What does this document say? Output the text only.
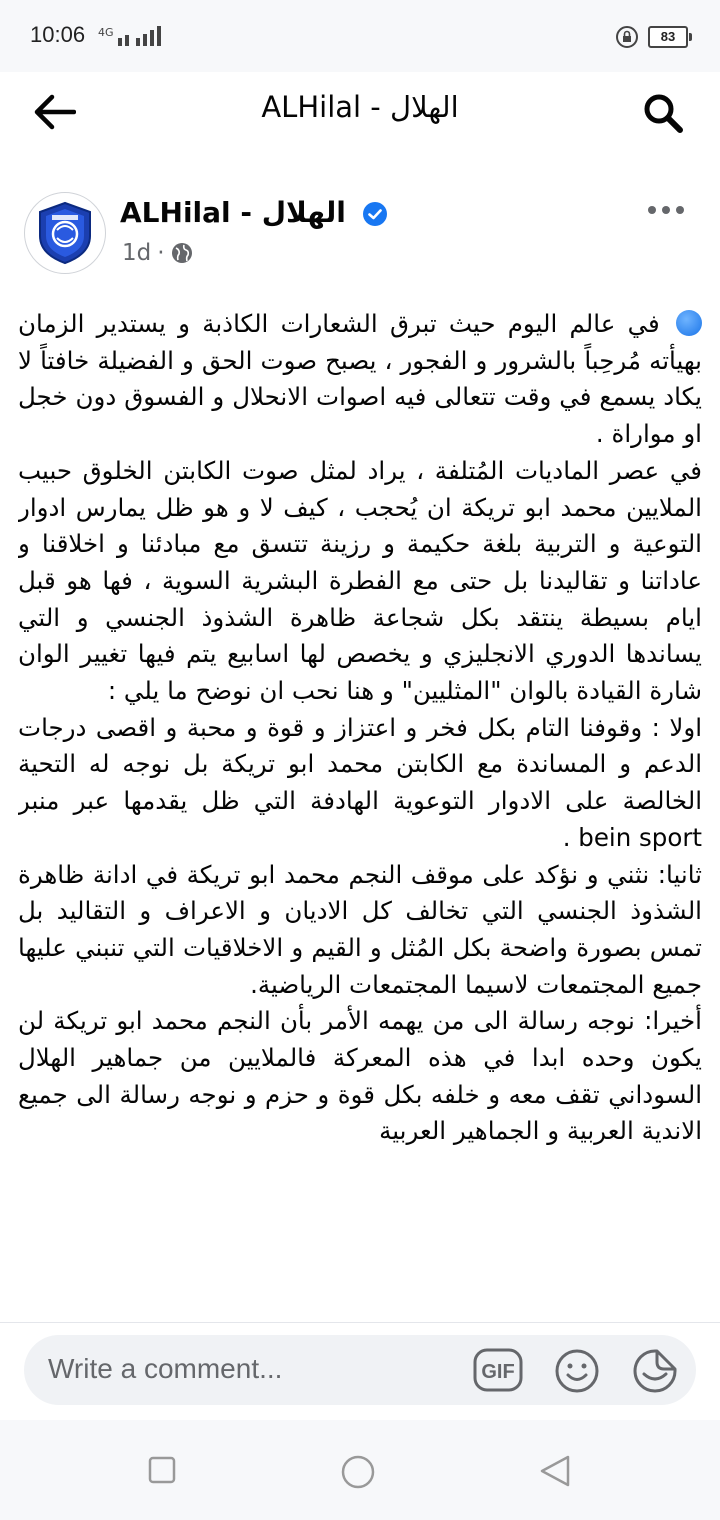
10:06 4G	83
ALHilal - الهلال
ALHilal - الهلال
1d ·

في عالم اليوم حيث تبرق الشعارات الكاذبة و يستدير الزمان بهيأته مُرحِباً بالشرور و الفجور ، يصبح صوت الحق و الفضيلة خافتاً لا يكاد يسمع في وقت تتعالى فيه اصوات الانحلال و الفسوق دون خجل او مواراة .

في عصر الماديات المُتلفة ، يراد لمثل صوت الكابتن الخلوق حبيب الملايين محمد ابو تريكة ان يُحجب ، كيف لا و هو ظل يمارس ادوار التوعية و التربية بلغة حكيمة و رزينة تتسق مع مبادئنا و اخلاقنا و عاداتنا و تقاليدنا بل حتى مع الفطرة البشرية السوية ، فها هو قبل ايام بسيطة ينتقد بكل شجاعة ظاهرة الشذوذ الجنسي و التي يساندها الدوري الانجليزي و يخصص لها اسابيع يتم فيها تغيير الوان شارة القيادة بالوان "المثليين" و هنا نحب ان نوضح ما يلي :

اولا : وقوفنا التام بكل فخر و اعتزاز و قوة و محبة و اقصى درجات الدعم و المساندة مع الكابتن محمد ابو تريكة بل نوجه له التحية الخالصة على الادوار التوعوية الهادفة التي ظل يقدمها عبر منبر bein sport .

ثانيا: نثني و نؤكد على موقف النجم محمد ابو تريكة في ادانة ظاهرة الشذوذ الجنسي التي تخالف كل الاديان و الاعراف و التقاليد بل تمس بصورة واضحة بكل المُثل و القيم و الاخلاقيات التي تنبني عليها جميع المجتمعات لاسيما المجتمعات الرياضية.

أخيرا: نوجه رسالة الى من يهمه الأمر بأن النجم محمد ابو تريكة لن يكون وحده ابدا في هذه المعركة فالملايين من جماهير الهلال السوداني تقف معه و خلفه بكل قوة و حزم و نوجه رسالة الى جميع الاندية العربية و الجماهير العربية

Write a comment...	GIF
